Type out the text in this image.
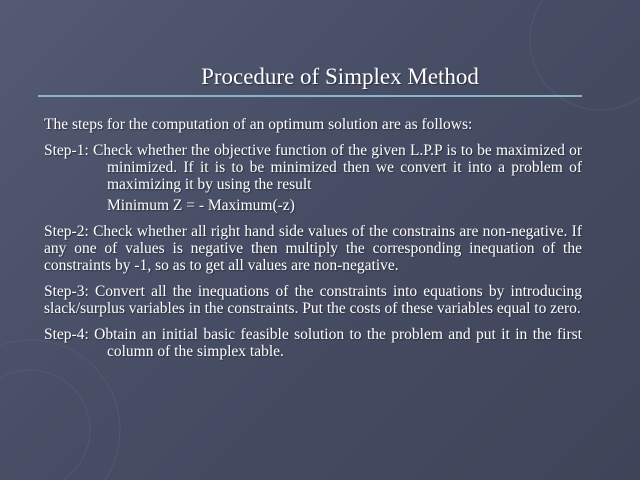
Procedure of Simplex Method
The steps for the computation of an optimum solution are as follows:
Step-1: Check whether the objective function of the given L.P.P is to be maximized or minimized. If it is to be minimized then we convert it into a problem of maximizing it by using the result
Minimum Z = - Maximum(-z)
Step-2: Check whether all right hand side values of the constrains are non-negative. If any one of values is negative then multiply the corresponding inequation of the constraints by -1, so as to get all values are non-negative.
Step-3: Convert all the inequations of the constraints into equations by introducing slack/surplus variables in the constraints. Put the costs of these variables equal to zero.
Step-4: Obtain an initial basic feasible solution to the problem and put it in the first column of the simplex table.
